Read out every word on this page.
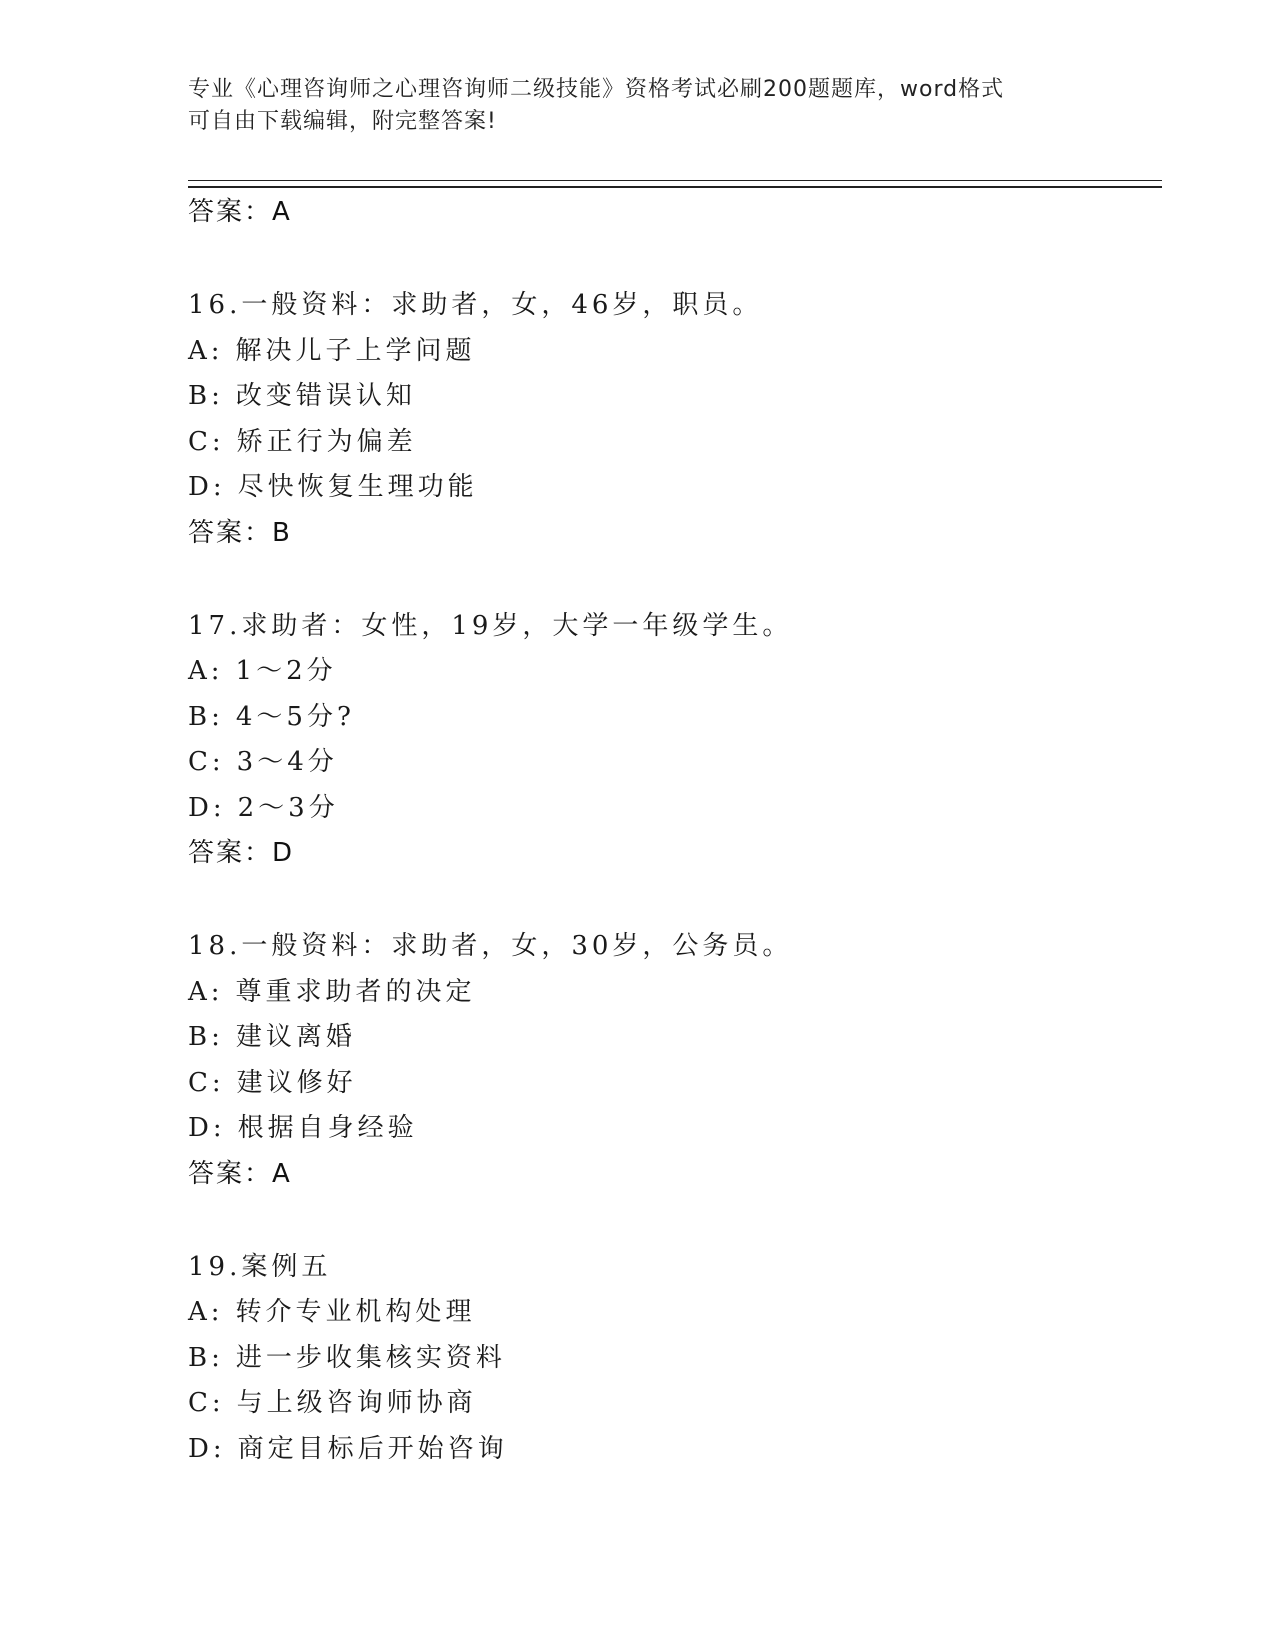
专业《心理咨询师之心理咨询师二级技能》资格考试必刷200题题库，word格式
可自由下载编辑，附完整答案!
答案：A
16.一般资料：求助者，女，46岁，职员。
A: 解决儿子上学问题
B: 改变错误认知
C: 矫正行为偏差
D: 尽快恢复生理功能
答案：B
17.求助者：女性，19岁，大学一年级学生。
A: 1～2分
B: 4～5分?
C: 3～4分
D: 2～3分
答案：D
18.一般资料：求助者，女，30岁，公务员。
A: 尊重求助者的决定
B: 建议离婚
C: 建议修好
D: 根据自身经验
答案：A
19.案例五
A: 转介专业机构处理
B: 进一步收集核实资料
C: 与上级咨询师协商
D: 商定目标后开始咨询
